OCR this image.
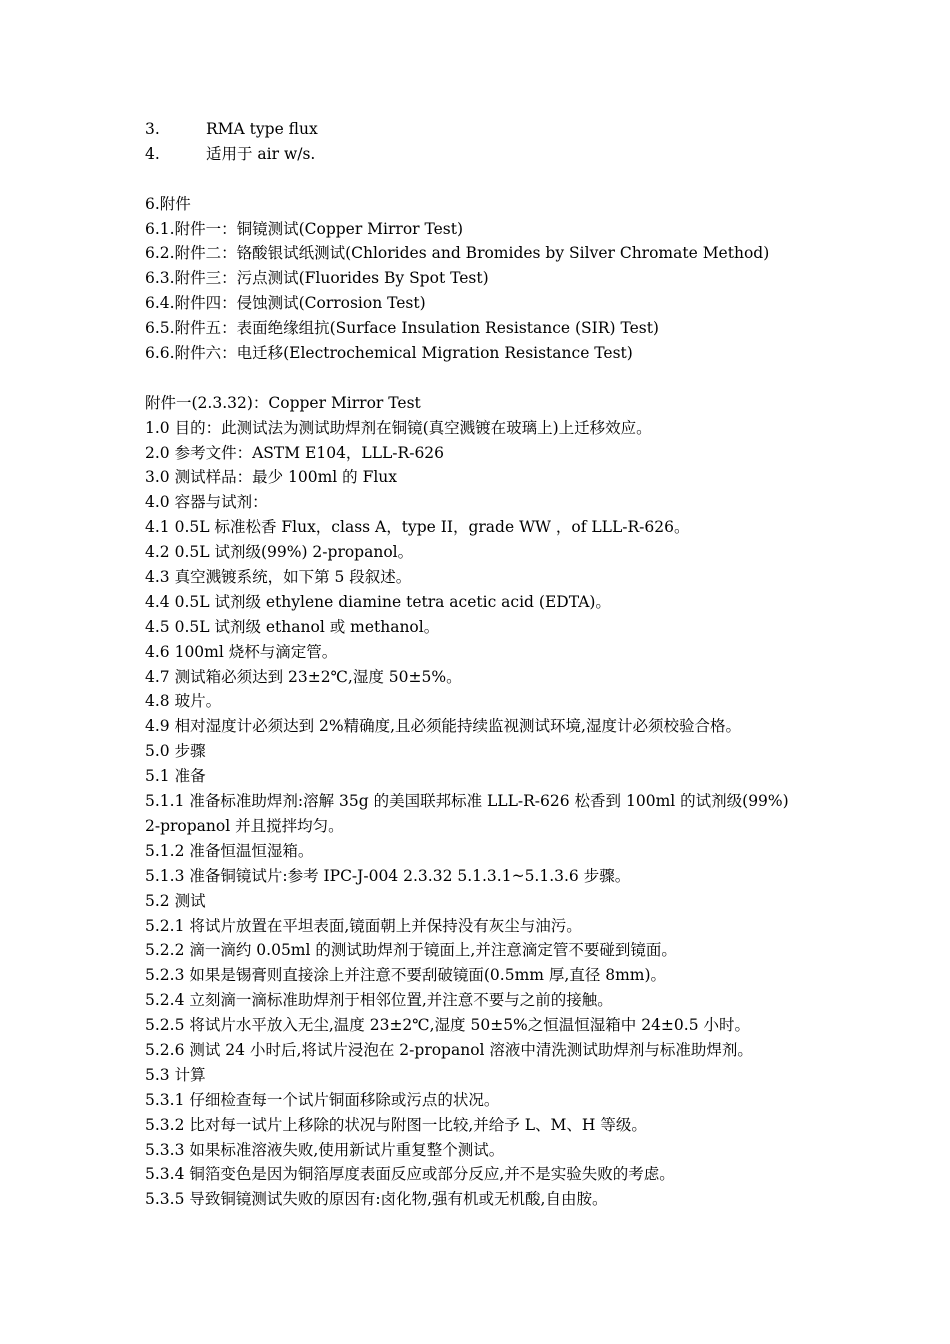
3.	RMA type flux
4.	适用于 air w/s.
6.附件
6.1.附件一：铜镜测试(Copper Mirror Test)
6.2.附件二：铬酸银试纸测试(Chlorides and Bromides by Silver Chromate Method)
6.3.附件三：污点测试(Fluorides By Spot Test)
6.4.附件四：侵蚀测试(Corrosion Test)
6.5.附件五：表面绝缘组抗(Surface Insulation Resistance (SIR) Test)
6.6.附件六：电迁移(Electrochemical Migration Resistance Test)
附件一(2.3.32)：Copper Mirror Test
1.0 目的：此测试法为测试助焊剂在铜镜(真空溅镀在玻璃上)上迁移效应。
2.0 参考文件：ASTM E104，LLL-R-626
3.0 测试样品：最少 100ml 的 Flux
4.0 容器与试剂：
4.1 0.5L 标准松香 Flux，class A，type II，grade WW ，of LLL-R-626。
4.2 0.5L 试剂级(99%) 2-propanol。
4.3 真空溅镀系统，如下第 5 段叙述。
4.4 0.5L 试剂级 ethylene diamine tetra acetic acid (EDTA)。
4.5 0.5L 试剂级 ethanol 或 methanol。
4.6 100ml 烧杯与滴定管。
4.7 测试箱必须达到 23±2℃,湿度 50±5%。
4.8 玻片。
4.9 相对湿度计必须达到 2%精确度,且必须能持续监视测试环境,湿度计必须校验合格。
5.0 步骤
5.1 准备
5.1.1 准备标准助焊剂:溶解 35g 的美国联邦标准 LLL-R-626 松香到 100ml 的试剂级(99%)
2-propanol 并且搅拌均匀。
5.1.2 准备恒温恒湿箱。
5.1.3 准备铜镜试片:参考 IPC-J-004 2.3.32 5.1.3.1~5.1.3.6 步骤。
5.2 测试
5.2.1 将试片放置在平坦表面,镜面朝上并保持没有灰尘与油污。
5.2.2 滴一滴约 0.05ml 的测试助焊剂于镜面上,并注意滴定管不要碰到镜面。
5.2.3 如果是锡膏则直接涂上并注意不要刮破镜面(0.5mm 厚,直径 8mm)。
5.2.4 立刻滴一滴标准助焊剂于相邻位置,并注意不要与之前的接触。
5.2.5 将试片水平放入无尘,温度 23±2℃,湿度 50±5%之恒温恒湿箱中 24±0.5 小时。
5.2.6 测试 24 小时后,将试片浸泡在 2-propanol 溶液中清洗测试助焊剂与标准助焊剂。
5.3 计算
5.3.1 仔细检查每一个试片铜面移除或污点的状况。
5.3.2 比对每一试片上移除的状况与附图一比较,并给予 L、M、H 等级。
5.3.3 如果标准溶液失败,使用新试片重复整个测试。
5.3.4 铜箔变色是因为铜箔厚度表面反应或部分反应,并不是实验失败的考虑。
5.3.5 导致铜镜测试失败的原因有:卤化物,强有机或无机酸,自由胺。
